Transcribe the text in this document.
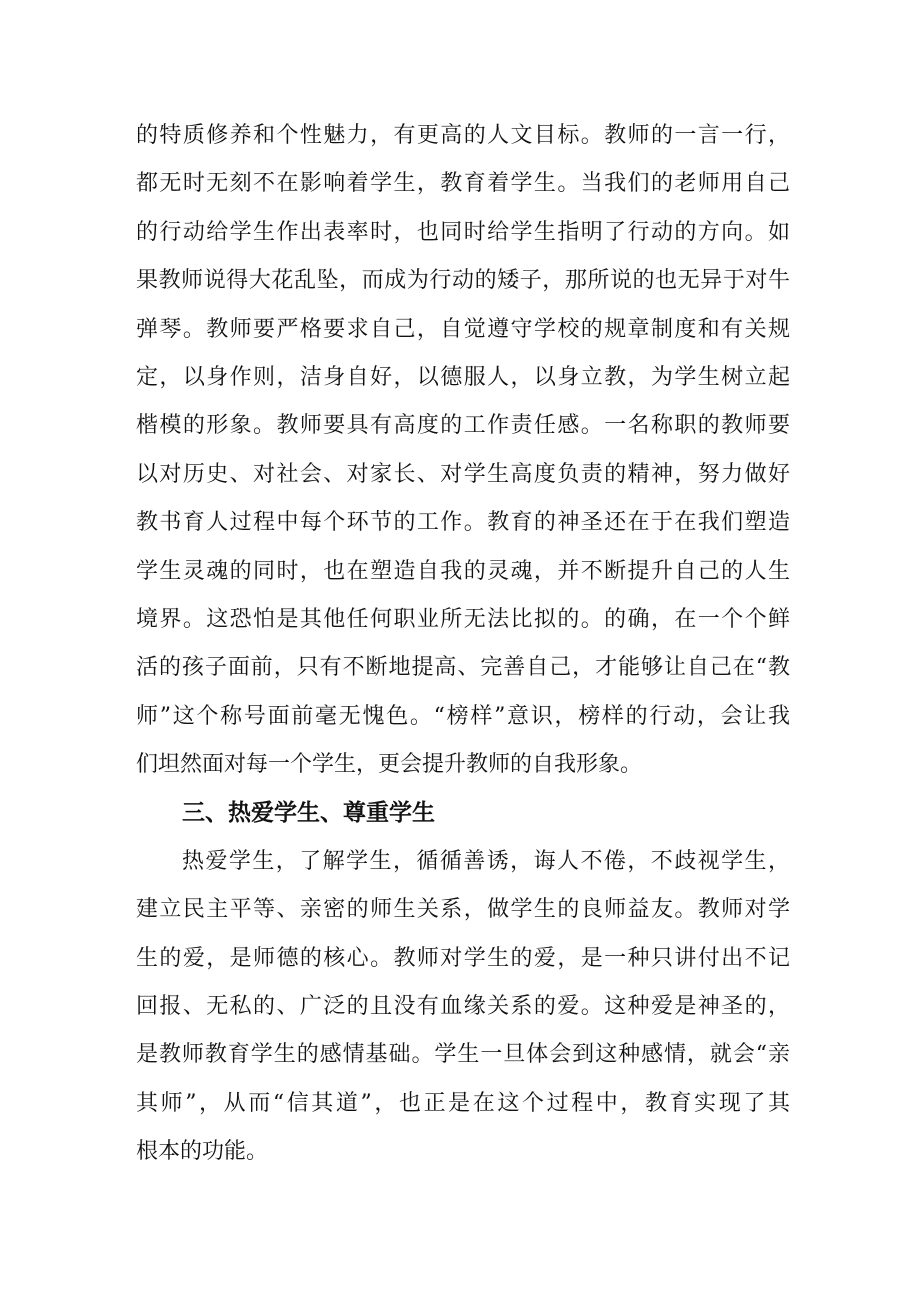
的特质修养和个性魅力，有更高的人文目标。教师的一言一行，
都无时无刻不在影响着学生，教育着学生。当我们的老师用自己
的行动给学生作出表率时，也同时给学生指明了行动的方向。如
果教师说得大花乱坠，而成为行动的矮子，那所说的也无异于对牛
弹琴。教师要严格要求自己，自觉遵守学校的规章制度和有关规
定，以身作则，洁身自好，以德服人，以身立教，为学生树立起
楷模的形象。教师要具有高度的工作责任感。一名称职的教师要
以对历史、对社会、对家长、对学生高度负责的精神，努力做好
教书育人过程中每个环节的工作。教育的神圣还在于在我们塑造
学生灵魂的同时，也在塑造自我的灵魂，并不断提升自己的人生
境界。这恐怕是其他任何职业所无法比拟的。的确，在一个个鲜
活的孩子面前，只有不断地提高、完善自己，才能够让自己在“教
师”这个称号面前毫无愧色。“榜样”意识，榜样的行动，会让我
们坦然面对每一个学生，更会提升教师的自我形象。
三、热爱学生、尊重学生
热爱学生，了解学生，循循善诱，诲人不倦，不歧视学生，
建立民主平等、亲密的师生关系，做学生的良师益友。教师对学
生的爱，是师德的核心。教师对学生的爱，是一种只讲付出不记
回报、无私的、广泛的且没有血缘关系的爱。这种爱是神圣的，
是教师教育学生的感情基础。学生一旦体会到这种感情，就会“亲
其师”，从而“信其道”，也正是在这个过程中，教育实现了其
根本的功能。
